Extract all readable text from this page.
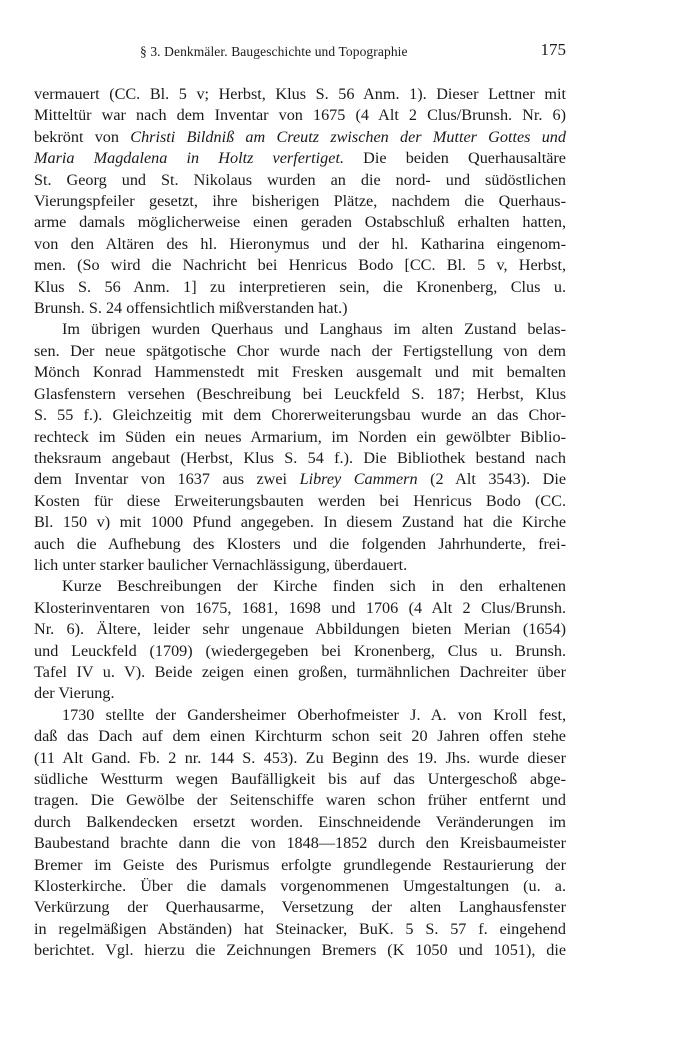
§ 3. Denkmäler. Baugeschichte und Topographie	175
vermauert (CC. Bl. 5 v; Herbst, Klus S. 56 Anm. 1). Dieser Lettner mit
Mitteltür war nach dem Inventar von 1675 (4 Alt 2 Clus/Brunsh. Nr. 6)
bekrönt von Christi Bildniß am Creutz zwischen der Mutter Gottes und
Maria Magdalena in Holtz verfertiget. Die beiden Querhausaltäre
St. Georg und St. Nikolaus wurden an die nord- und südöstlichen
Vierungspfeiler gesetzt, ihre bisherigen Plätze, nachdem die Querhaus-
arme damals möglicherweise einen geraden Ostabschluß erhalten hatten,
von den Altären des hl. Hieronymus und der hl. Katharina eingenom-
men. (So wird die Nachricht bei Henricus Bodo [CC. Bl. 5 v, Herbst,
Klus S. 56 Anm. 1] zu interpretieren sein, die Kronenberg, Clus u.
Brunsh. S. 24 offensichtlich mißverstanden hat.)
Im übrigen wurden Querhaus und Langhaus im alten Zustand belas-
sen. Der neue spätgotische Chor wurde nach der Fertigstellung von dem
Mönch Konrad Hammenstedt mit Fresken ausgemalt und mit bemalten
Glasfenstern versehen (Beschreibung bei Leuckfeld S. 187; Herbst, Klus
S. 55 f.). Gleichzeitig mit dem Chorerweiterungsbau wurde an das Chor-
rechteck im Süden ein neues Armarium, im Norden ein gewölbter Biblio-
theksraum angebaut (Herbst, Klus S. 54 f.). Die Bibliothek bestand nach
dem Inventar von 1637 aus zwei Librey Cammern (2 Alt 3543). Die
Kosten für diese Erweiterungsbauten werden bei Henricus Bodo (CC.
Bl. 150 v) mit 1000 Pfund angegeben. In diesem Zustand hat die Kirche
auch die Aufhebung des Klosters und die folgenden Jahrhunderte, frei-
lich unter starker baulicher Vernachlässigung, überdauert.
Kurze Beschreibungen der Kirche finden sich in den erhaltenen
Klosterinventaren von 1675, 1681, 1698 und 1706 (4 Alt 2 Clus/Brunsh.
Nr. 6). Ältere, leider sehr ungenaue Abbildungen bieten Merian (1654)
und Leuckfeld (1709) (wiedergegeben bei Kronenberg, Clus u. Brunsh.
Tafel IV u. V). Beide zeigen einen großen, turmähnlichen Dachreiter über
der Vierung.
1730 stellte der Gandersheimer Oberhofmeister J. A. von Kroll fest,
daß das Dach auf dem einen Kirchturm schon seit 20 Jahren offen stehe
(11 Alt Gand. Fb. 2 nr. 144 S. 453). Zu Beginn des 19. Jhs. wurde dieser
südliche Westturm wegen Baufälligkeit bis auf das Untergeschoß abge-
tragen. Die Gewölbe der Seitenschiffe waren schon früher entfernt und
durch Balkendecken ersetzt worden. Einschneidende Veränderungen im
Baubestand brachte dann die von 1848—1852 durch den Kreisbaumeister
Bremer im Geiste des Purismus erfolgte grundlegende Restaurierung der
Klosterkirche. Über die damals vorgenommenen Umgestaltungen (u. a.
Verkürzung der Querhausarme, Versetzung der alten Langhausfenster
in regelmäßigen Abständen) hat Steinacker, BuK. 5 S. 57 f. eingehend
berichtet. Vgl. hierzu die Zeichnungen Bremers (K 1050 und 1051), die
